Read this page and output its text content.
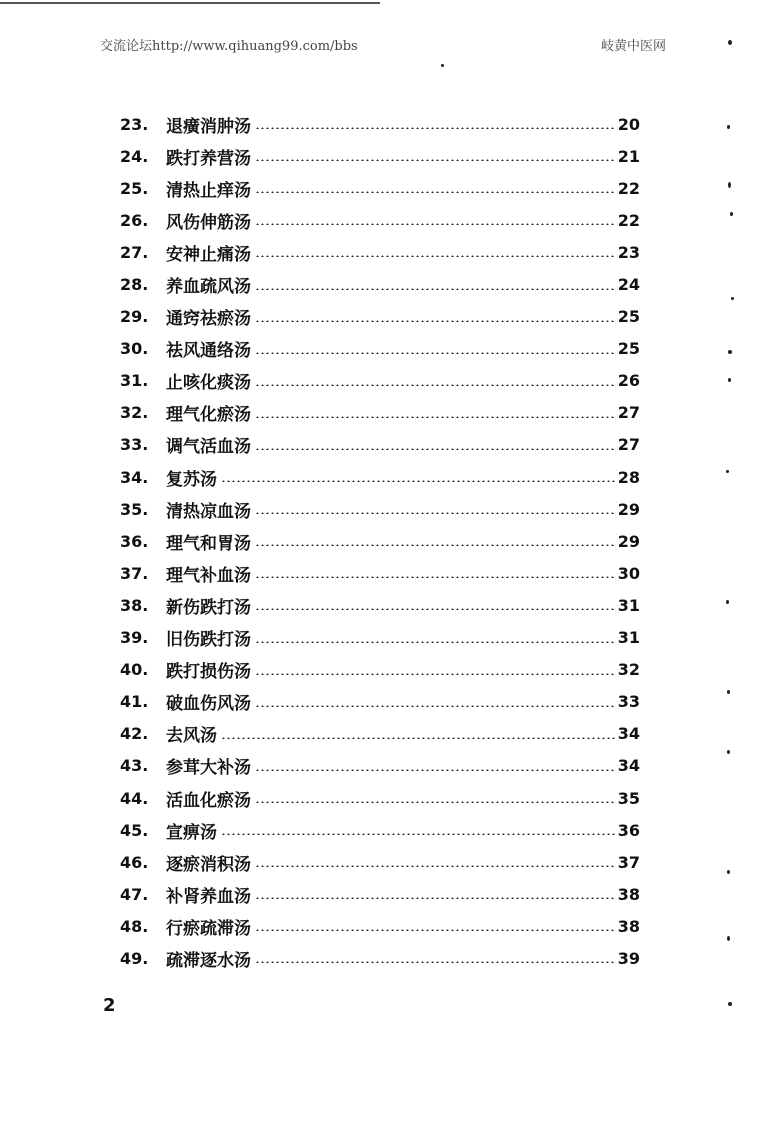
交流论坛http://www.qihuang99.com/bbs	岐黄中医网
23.	退癀消肿汤	20
24.	跌打养营汤	21
25.	清热止痒汤	22
26.	风伤伸筋汤	22
27.	安神止痛汤	23
28.	养血疏风汤	24
29.	通窍祛瘀汤	25
30.	祛风通络汤	25
31.	止咳化痰汤	26
32.	理气化瘀汤	27
33.	调气活血汤	27
34.	复苏汤	28
35.	清热凉血汤	29
36.	理气和胃汤	29
37.	理气补血汤	30
38.	新伤跌打汤	31
39.	旧伤跌打汤	31
40.	跌打损伤汤	32
41.	破血伤风汤	33
42.	去风汤	34
43.	参茸大补汤	34
44.	活血化瘀汤	35
45.	宣痹汤	36
46.	逐瘀消积汤	37
47.	补肾养血汤	38
48.	行瘀疏滞汤	38
49.	疏滞逐水汤	39
2
